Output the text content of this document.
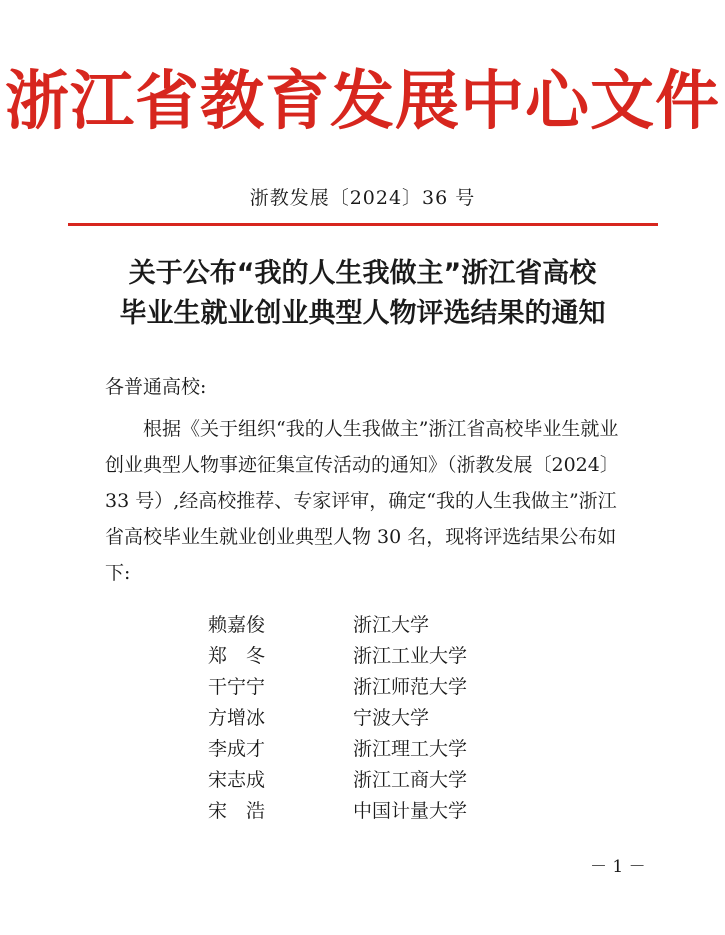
浙江省教育发展中心文件
浙教发展〔2024〕36 号
关于公布“我的人生我做主”浙江省高校
毕业生就业创业典型人物评选结果的通知
各普通高校:
根据《关于组织“我的人生我做主”浙江省高校毕业生就业
创业典型人物事迹征集宣传活动的通知》（浙教发展〔2024〕
33 号）,经高校推荐、专家评审，确定“我的人生我做主”浙江
省高校毕业生就业创业典型人物 30 名，现将评选结果公布如
下:
赖嘉俊	浙江大学
郑　冬	浙江工业大学
干宁宁	浙江师范大学
方增冰	宁波大学
李成才	浙江理工大学
宋志成	浙江工商大学
宋　浩	中国计量大学
－ 1 －
